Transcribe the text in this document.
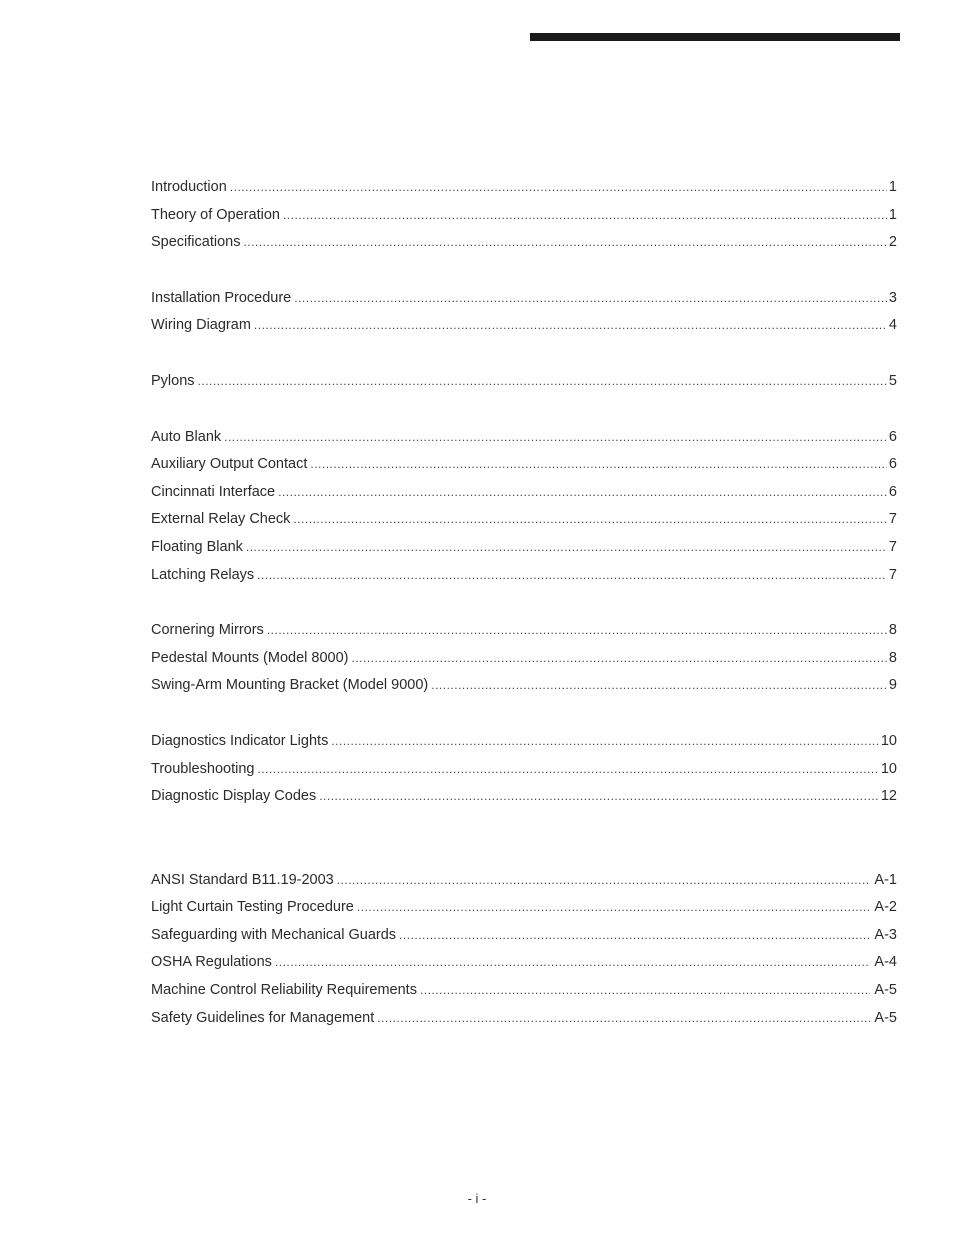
Introduction .....	1
Theory of Operation .....	1
Specifications .....	2
Installation Procedure .....	3
Wiring Diagram .....	4
Pylons .....	5
Auto Blank .....	6
Auxiliary Output Contact .....	6
Cincinnati Interface .....	6
External Relay Check .....	7
Floating Blank .....	7
Latching Relays .....	7
Cornering Mirrors .....	8
Pedestal Mounts (Model 8000) .....	8
Swing-Arm Mounting Bracket (Model 9000) .....	9
Diagnostics Indicator Lights .....	10
Troubleshooting .....	10
Diagnostic Display Codes .....	12
ANSI Standard B11.19-2003 .....	A-1
Light Curtain Testing Procedure .....	A-2
Safeguarding with Mechanical Guards .....	A-3
OSHA Regulations .....	A-4
Machine Control Reliability Requirements .....	A-5
Safety Guidelines for Management .....	A-5
- i -
